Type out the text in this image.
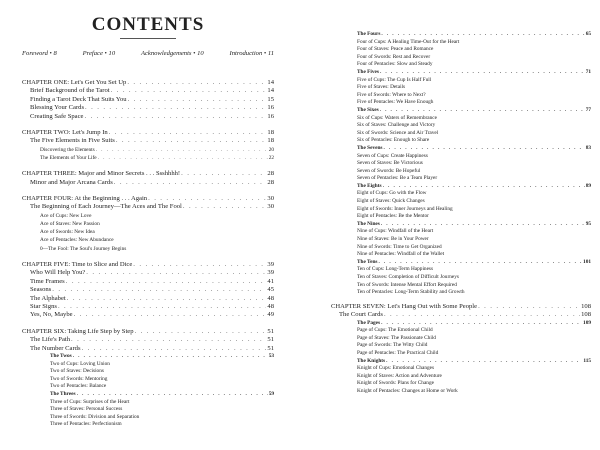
CONTENTS
Foreword • 8	Preface • 10	Acknowledgements • 10	Introduction • 11
CHAPTER ONE: Let's Get You Set Up . . .	14
Brief Background of the Tarot . . .	14
Finding a Tarot Deck That Suits You . . .	15
Blessing Your Cards . . .	16
Creating Safe Space . . .	16
CHAPTER TWO: Let's Jump In . . .	18
The Five Elements in Five Suits . . .	18
Discovering the Elements . . .	20
The Elements of Your Life . . .	22
CHAPTER THREE: Major and Minor Secrets . . . Ssshhhh! . . .	28
Minor and Major Arcana Cards . . .	28
CHAPTER FOUR: At the Beginning . . . Again . . .	30
The Beginning of Each Journey—The Aces and The Fool . . .	30
Ace of Cups: New Love
Ace of Staves: New Passion
Ace of Swords: New Idea
Ace of Pentacles: New Abundance
0—The Fool: The Soul's Journey Begins
CHAPTER FIVE: Time to Slice and Dice . . .	39
Who Will Help You? . . .	39
Time Frames . . .	41
Seasons . . .	45
The Alphabet . . .	48
Star Signs . . .	48
Yes, No, Maybe . . .	49
CHAPTER SIX: Taking Life Step by Step . . .	51
The Life's Path . . .	51
The Number Cards . . .	51
The Twos . . .	53
Two of Cups: Loving Union
Two of Staves: Decisions
Two of Swords: Mentoring
Two of Pentacles: Balance
The Threes . . .	59
Three of Cups: Surprises of the Heart
Three of Staves: Personal Success
Three of Swords: Division and Separation
Three of Pentacles: Perfectionism
The Fours . . .	65
Four of Cups: A Healing Time-Out for the Heart
Four of Staves: Peace and Romance
Four of Swords: Rest and Recover
Four of Pentacles: Slow and Steady
The Fives . . .	71
Five of Cups: The Cup Is Half Full
Five of Staves: Details
Five of Swords: Where to Next?
Five of Pentacles: We Have Enough
The Sixes . . .	77
Six of Cups: Waters of Remembrance
Six of Staves: Challenge and Victory
Six of Swords: Science and Air Travel
Six of Pentacles: Enough to Share
The Sevens . . .	83
Seven of Cups: Create Happiness
Seven of Staves: Be Victorious
Seven of Swords: Be Hopeful
Seven of Pentacles: Be a Team Player
The Eights . . .	89
Eight of Cups: Go with the Flow
Eight of Staves: Quick Changes
Eight of Swords: Inner Journeys and Healing
Eight of Pentacles: Be the Mentor
The Nines . . .	95
Nine of Cups: Windfall of the Heart
Nine of Staves: Be in Your Power
Nine of Swords: Time to Get Organized
Nine of Pentacles: Windfall of the Wallet
The Tens . . .	101
Ten of Cups: Long-Term Happiness
Ten of Staves: Completion of Difficult Journeys
Ten of Swords: Intense Mental Effort Required
Ten of Pentacles: Long-Term Stability and Growth
CHAPTER SEVEN: Let's Hang Out with Some People . . .	108
The Court Cards . . .	108
The Pages . . .	109
Page of Cups: The Emotional Child
Page of Staves: The Passionate Child
Page of Swords: The Witty Child
Page of Pentacles: The Practical Child
The Knights . . .	115
Knight of Cups: Emotional Changes
Knight of Staves: Action and Adventure
Knight of Swords: Plans for Change
Knight of Pentacles: Changes at Home or Work
